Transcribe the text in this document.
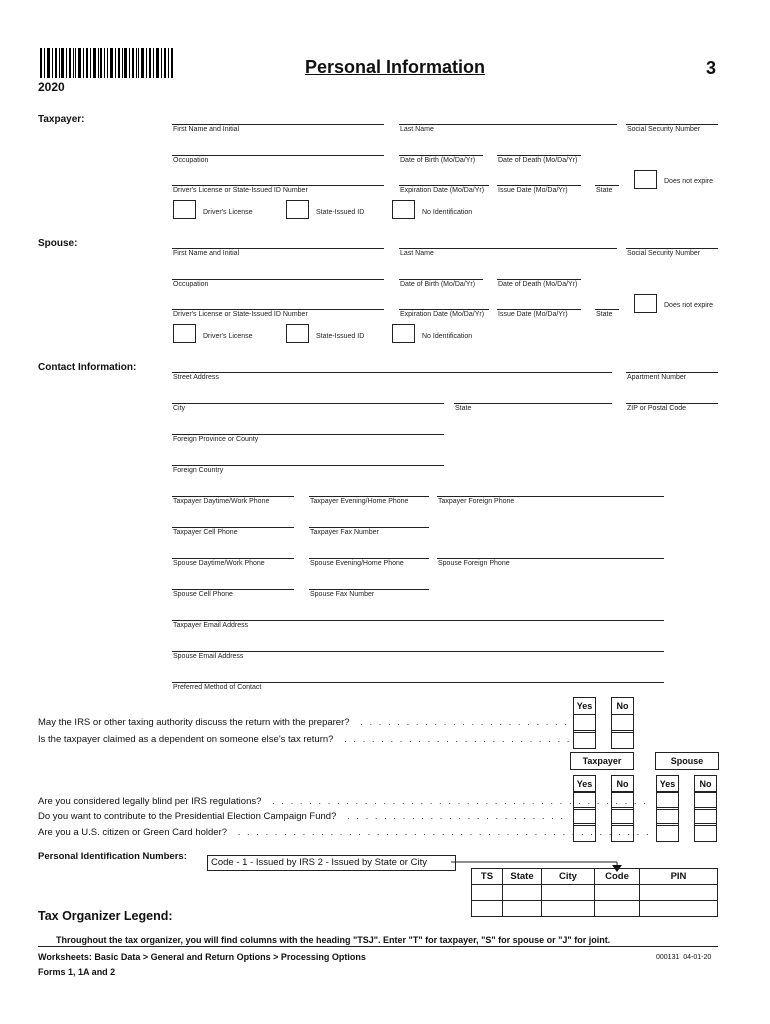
2020
Personal Information	3
Taxpayer:
First Name and Initial	Last Name	Social Security Number
Occupation	Date of Birth (Mo/Da/Yr)	Date of Death (Mo/Da/Yr)
Driver's License or State-Issued ID Number	Expiration Date (Mo/Da/Yr) Issue Date (Mo/Da/Yr)	State
Does not expire
Driver's License	State-Issued ID	No Identification
Spouse:
First Name and Initial	Last Name	Social Security Number
Occupation	Date of Birth (Mo/Da/Yr)	Date of Death (Mo/Da/Yr)
Driver's License or State-Issued ID Number	Expiration Date (Mo/Da/Yr) Issue Date (Mo/Da/Yr)	State
Does not expire
Driver's License	State-Issued ID	No Identification
Contact Information:
Street Address	Apartment Number
City	State	ZIP or Postal Code
Foreign Province or County
Foreign Country
Taxpayer Daytime/Work Phone	Taxpayer Evening/Home Phone	Taxpayer Foreign Phone
Taxpayer Cell Phone	Taxpayer Fax Number
Spouse Daytime/Work Phone	Spouse Evening/Home Phone	Spouse Foreign Phone
Spouse Cell Phone	Spouse Fax Number
Taxpayer Email Address
Spouse Email Address
Preferred Method of Contact
Yes	No
May the IRS or other taxing authority discuss the return with the preparer? . . . . . . . . . . . . . . . . . . . . . . .
Is the taxpayer claimed as a dependent on someone else's tax return? . . . . . . . . . . . . . . . . . . . . . . . . .
Taxpayer	Spouse
Yes	No	Yes	No
Are you considered legally blind per IRS regulations? . . . . . . . . . . . . . . . . . . . . . . . . . . . . . . . . . . . . . . . . .
Do you want to contribute to the Presidential Election Campaign Fund? . . . . . . . . . . . . . . . . . . . . . . . .
Are you a U.S. citizen or Green Card holder? . . . . . . . . . . . . . . . . . . . . . . . . . . . . . . . . . . . . . . . . . . . . . .
Personal Identification Numbers:
Code - 1 - Issued by IRS 2 - Issued by State or City
TS	State	City	Code	PIN

Tax Organizer Legend:
Throughout the tax organizer, you will find columns with the heading "TSJ". Enter "T" for taxpayer, "S" for spouse or "J" for joint.
Worksheets: Basic Data > General and Return Options > Processing Options	000131  04-01-20
Forms 1, 1A and 2
